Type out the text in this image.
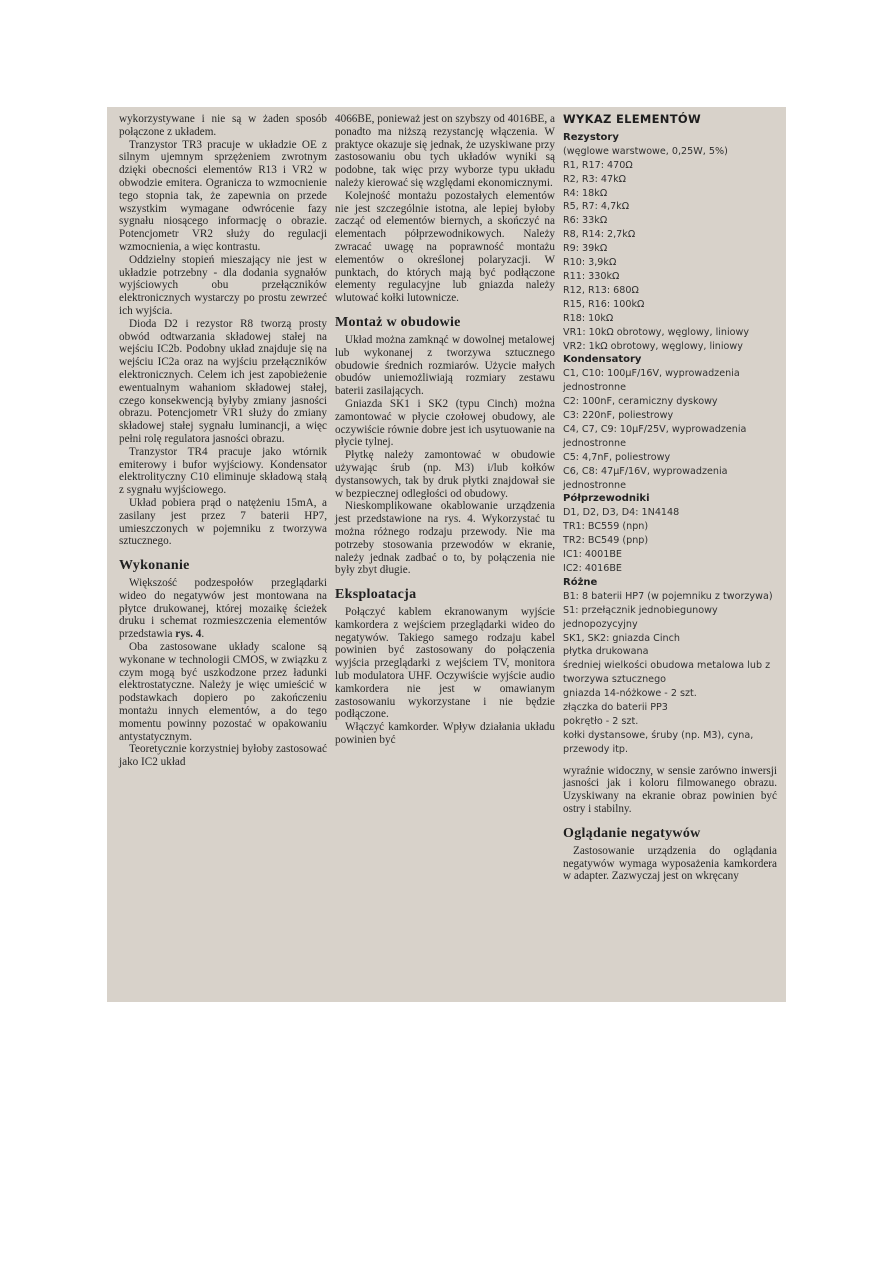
wykorzystywane i nie są w żaden sposób połączone z układem.

Tranzystor TR3 pracuje w układzie OE z silnym ujemnym sprzężeniem zwrotnym dzięki obecności elementów R13 i VR2 w obwodzie emitera. Ogranicza to wzmocnienie tego stopnia tak, że zapewnia on przede wszystkim wymagane odwrócenie fazy sygnału niosącego informację o obrazie. Potencjometr VR2 służy do regulacji wzmocnienia, a więc kontrastu.

Oddzielny stopień mieszający nie jest w układzie potrzebny - dla dodania sygnałów wyjściowych obu przełączników elektronicznych wystarczy po prostu zewrzeć ich wyjścia.

Dioda D2 i rezystor R8 tworzą prosty obwód odtwarzania składowej stałej na wejściu IC2b. Podobny układ znajduje się na wejściu IC2a oraz na wyjściu przełączników elektronicznych. Celem ich jest zapobieżenie ewentualnym wahaniom składowej stałej, czego konsekwencją byłyby zmiany jasności obrazu. Potencjometr VR1 służy do zmiany składowej stałej sygnału luminancji, a więc pełni rolę regulatora jasności obrazu.

Tranzystor TR4 pracuje jako wtórnik emiterowy i bufor wyjściowy. Kondensator elektrolityczny C10 eliminuje składową stałą z sygnału wyjściowego.

Układ pobiera prąd o natężeniu 15mA, a zasilany jest przez 7 baterii HP7, umieszczonych w pojemniku z tworzywa sztucznego.

Wykonanie

Większość podzespołów przeglądarki wideo do negatywów jest montowana na płytce drukowanej, której mozaikę ścieżek druku i schemat rozmieszczenia elementów przedstawia rys. 4.

Oba zastosowane układy scalone są wykonane w technologii CMOS, w związku z czym mogą być uszkodzone przez ładunki elektrostatyczne. Należy je więc umieścić w podstawkach dopiero po zakończeniu montażu innych elementów, a do tego momentu powinny pozostać w opakowaniu antystatycznym.

Teoretycznie korzystniej byłoby zastosować jako IC2 układ

4066BE, ponieważ jest on szybszy od 4016BE, a ponadto ma niższą rezystancję włączenia. W praktyce okazuje się jednak, że uzyskiwane przy zastosowaniu obu tych układów wyniki są podobne, tak więc przy wyborze typu układu należy kierować się względami ekonomicznymi.

Kolejność montażu pozostałych elementów nie jest szczególnie istotna, ale lepiej byłoby zacząć od elementów biernych, a skończyć na elementach półprzewodnikowych. Należy zwracać uwagę na poprawność montażu elementów o określonej polaryzacji. W punktach, do których mają być podłączone elementy regulacyjne lub gniazda należy wlutować kołki lutownicze.

Montaż w obudowie

Układ można zamknąć w dowolnej metalowej lub wykonanej z tworzywa sztucznego obudowie średnich rozmiarów. Użycie małych obudów uniemożliwiają rozmiary zestawu baterii zasilających.

Gniazda SK1 i SK2 (typu Cinch) można zamontować w płycie czołowej obudowy, ale oczywiście równie dobre jest ich usytuowanie na płycie tylnej.

Płytkę należy zamontować w obudowie używając śrub (np. M3) i/lub kołków dystansowych, tak by druk płytki znajdował sie w bezpiecznej odległości od obudowy.

Nieskomplikowane okablowanie urządzenia jest przedstawione na rys. 4. Wykorzystać tu można różnego rodzaju przewody. Nie ma potrzeby stosowania przewodów w ekranie, należy jednak zadbać o to, by połączenia nie były zbyt długie.

Eksploatacja

Połączyć kablem ekranowanym wyjście kamkordera z wejściem przeglądarki wideo do negatywów. Takiego samego rodzaju kabel powinien być zastosowany do połączenia wyjścia przeglądarki z wejściem TV, monitora lub modulatora UHF. Oczywiście wyjście audio kamkordera nie jest w omawianym zastosowaniu wykorzystane i nie będzie podłączone.

Włączyć kamkorder. Wpływ działania układu powinien być

WYKAZ ELEMENTÓW
Rezystory
(węglowe warstwowe, 0,25W, 5%)
R1, R17: 470Ω
R2, R3: 47kΩ
R4: 18kΩ
R5, R7: 4,7kΩ
R6: 33kΩ
R8, R14: 2,7kΩ
R9: 39kΩ
R10: 3,9kΩ
R11: 330kΩ
R12, R13: 680Ω
R15, R16: 100kΩ
R18: 10kΩ
VR1: 10kΩ obrotowy, węglowy, liniowy
VR2: 1kΩ obrotowy, węglowy, liniowy
Kondensatory
C1, C10: 100µF/16V, wyprowadzenia jednostronne
C2: 100nF, ceramiczny dyskowy
C3: 220nF, poliestrowy
C4, C7, C9: 10µF/25V, wyprowadzenia jednostronne
C5: 4,7nF, poliestrowy
C6, C8: 47µF/16V, wyprowadzenia jednostronne
Półprzewodniki
D1, D2, D3, D4: 1N4148
TR1: BC559 (npn)
TR2: BC549 (pnp)
IC1: 4001BE
IC2: 4016BE
Różne
B1: 8 baterii HP7 (w pojemniku z tworzywa)
S1: przełącznik jednobiegunowy jednopozycyjny
SK1, SK2: gniazda Cinch
płytka drukowana
średniej wielkości obudowa metalowa lub z tworzywa sztucznego
gniazda 14-nóżkowe - 2 szt.
złączka do baterii PP3
pokrętło - 2 szt.
kołki dystansowe, śruby (np. M3), cyna, przewody itp.

wyraźnie widoczny, w sensie zarówno inwersji jasności jak i koloru filmowanego obrazu. Uzyskiwany na ekranie obraz powinien być ostry i stabilny.

Oglądanie negatywów

Zastosowanie urządzenia do oglądania negatywów wymaga wyposażenia kamkordera w adapter. Zazwyczaj jest on wkręcany
